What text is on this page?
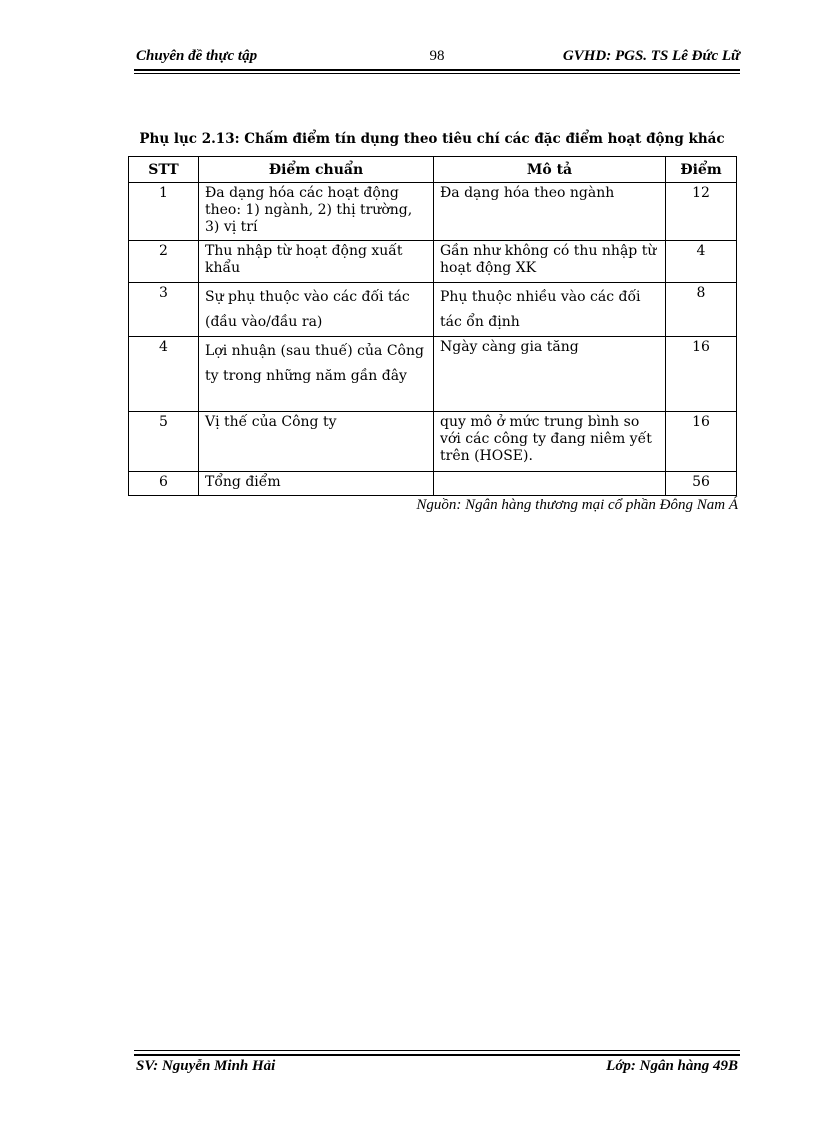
Chuyên đề thực tập	98	GVHD: PGS. TS Lê Đức Lữ
Phụ lục 2.13: Chấm điểm tín dụng theo tiêu chí các đặc điểm hoạt động khác
STT	Điểm chuẩn	Mô tả	Điểm
1	Đa dạng hóa các hoạt động theo: 1) ngành, 2) thị trường, 3) vị trí	Đa dạng hóa theo ngành	12
2	Thu nhập từ hoạt động xuất khẩu	Gần như không có thu nhập từ hoạt động XK	4
3	Sự phụ thuộc vào các đối tác (đầu vào/đầu ra)	Phụ thuộc nhiều vào các đối tác ổn định	8
4	Lợi nhuận (sau thuế) của Công ty trong những năm gần đây	Ngày càng gia tăng	16
5	Vị thế của Công ty	quy mô ở mức trung bình so với các công ty đang niêm yết trên (HOSE).	16
6	Tổng điểm		56
Nguồn: Ngân hàng thương mại cổ phần Đông Nam Á
SV: Nguyễn Minh Hải	Lớp: Ngân hàng 49B
